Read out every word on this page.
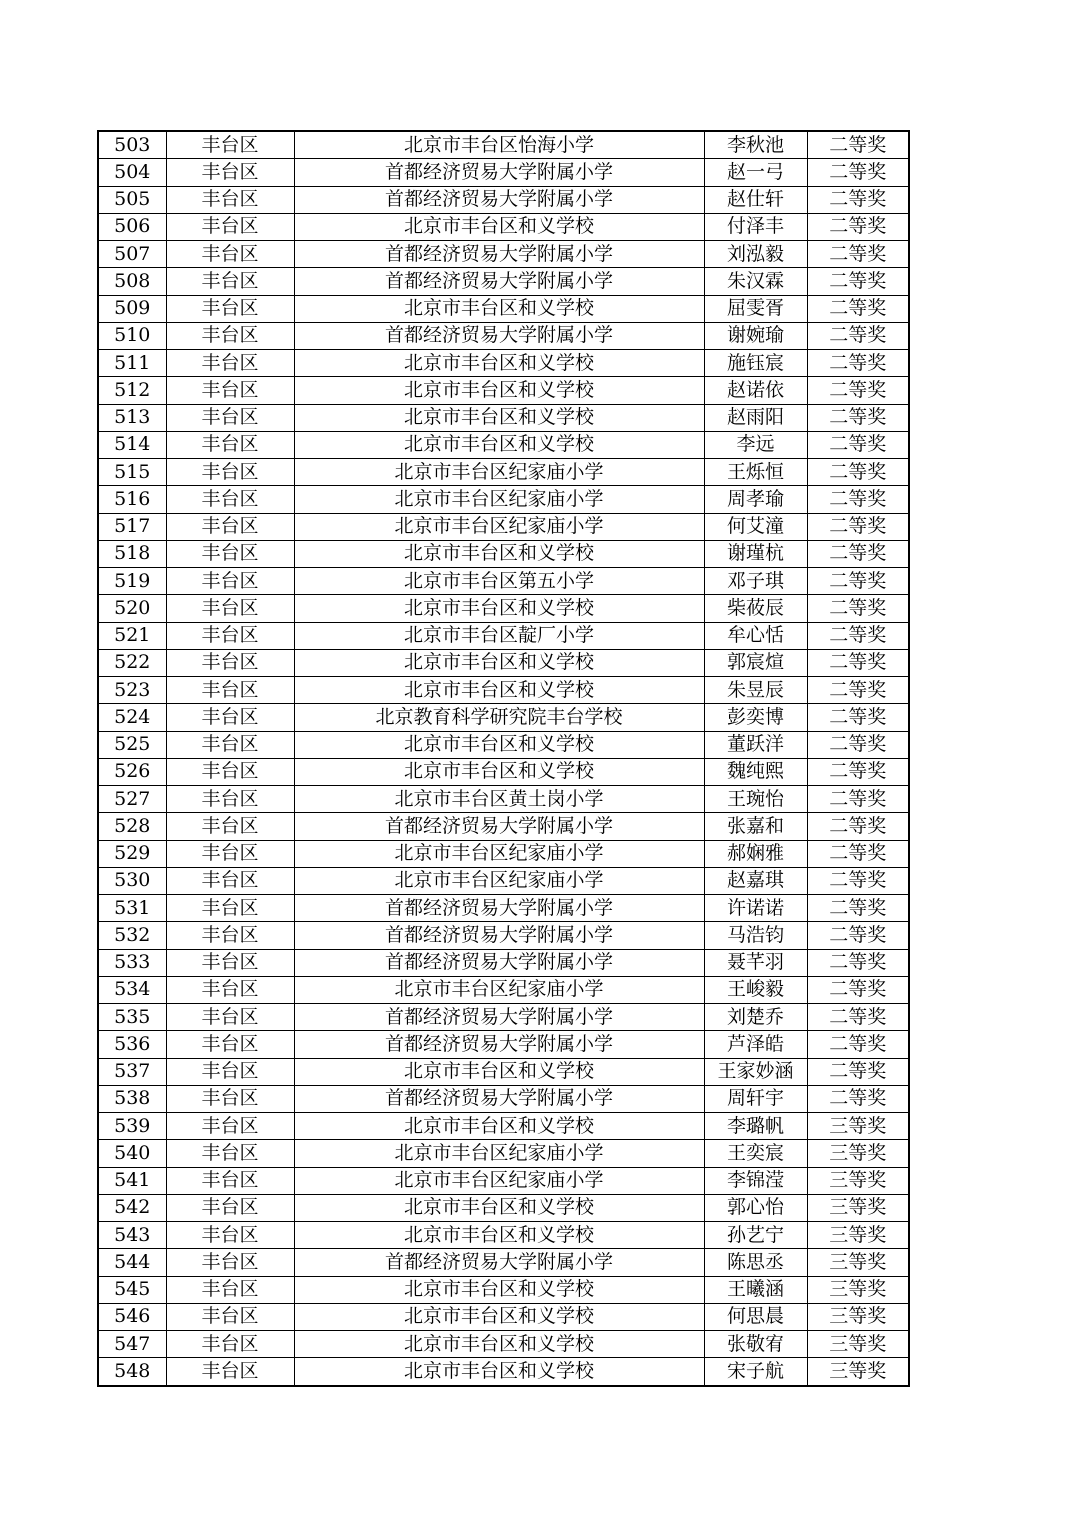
503	丰台区	北京市丰台区怡海小学	李秋池	二等奖
504	丰台区	首都经济贸易大学附属小学	赵一弓	二等奖
505	丰台区	首都经济贸易大学附属小学	赵仕轩	二等奖
506	丰台区	北京市丰台区和义学校	付泽丰	二等奖
507	丰台区	首都经济贸易大学附属小学	刘泓毅	二等奖
508	丰台区	首都经济贸易大学附属小学	朱汉霖	二等奖
509	丰台区	北京市丰台区和义学校	屈雯胥	二等奖
510	丰台区	首都经济贸易大学附属小学	谢婉瑜	二等奖
511	丰台区	北京市丰台区和义学校	施钰宸	二等奖
512	丰台区	北京市丰台区和义学校	赵诺依	二等奖
513	丰台区	北京市丰台区和义学校	赵雨阳	二等奖
514	丰台区	北京市丰台区和义学校	李远	二等奖
515	丰台区	北京市丰台区纪家庙小学	王烁恒	二等奖
516	丰台区	北京市丰台区纪家庙小学	周孝瑜	二等奖
517	丰台区	北京市丰台区纪家庙小学	何艾潼	二等奖
518	丰台区	北京市丰台区和义学校	谢瑾杭	二等奖
519	丰台区	北京市丰台区第五小学	邓子琪	二等奖
520	丰台区	北京市丰台区和义学校	柴莜辰	二等奖
521	丰台区	北京市丰台区靛厂小学	牟心恬	二等奖
522	丰台区	北京市丰台区和义学校	郭宸煊	二等奖
523	丰台区	北京市丰台区和义学校	朱昱辰	二等奖
524	丰台区	北京教育科学研究院丰台学校	彭奕博	二等奖
525	丰台区	北京市丰台区和义学校	董跃洋	二等奖
526	丰台区	北京市丰台区和义学校	魏纯熙	二等奖
527	丰台区	北京市丰台区黄土岗小学	王琬怡	二等奖
528	丰台区	首都经济贸易大学附属小学	张嘉和	二等奖
529	丰台区	北京市丰台区纪家庙小学	郝娴雅	二等奖
530	丰台区	北京市丰台区纪家庙小学	赵嘉琪	二等奖
531	丰台区	首都经济贸易大学附属小学	许诺诺	二等奖
532	丰台区	首都经济贸易大学附属小学	马浩钧	二等奖
533	丰台区	首都经济贸易大学附属小学	聂芊羽	二等奖
534	丰台区	北京市丰台区纪家庙小学	王峻毅	二等奖
535	丰台区	首都经济贸易大学附属小学	刘楚乔	二等奖
536	丰台区	首都经济贸易大学附属小学	芦泽皓	二等奖
537	丰台区	北京市丰台区和义学校	王家妙涵	二等奖
538	丰台区	首都经济贸易大学附属小学	周轩宇	二等奖
539	丰台区	北京市丰台区和义学校	李璐帆	三等奖
540	丰台区	北京市丰台区纪家庙小学	王奕宸	三等奖
541	丰台区	北京市丰台区纪家庙小学	李锦滢	三等奖
542	丰台区	北京市丰台区和义学校	郭心怡	三等奖
543	丰台区	北京市丰台区和义学校	孙艺宁	三等奖
544	丰台区	首都经济贸易大学附属小学	陈思丞	三等奖
545	丰台区	北京市丰台区和义学校	王曦涵	三等奖
546	丰台区	北京市丰台区和义学校	何思晨	三等奖
547	丰台区	北京市丰台区和义学校	张敬宥	三等奖
548	丰台区	北京市丰台区和义学校	宋子航	三等奖
